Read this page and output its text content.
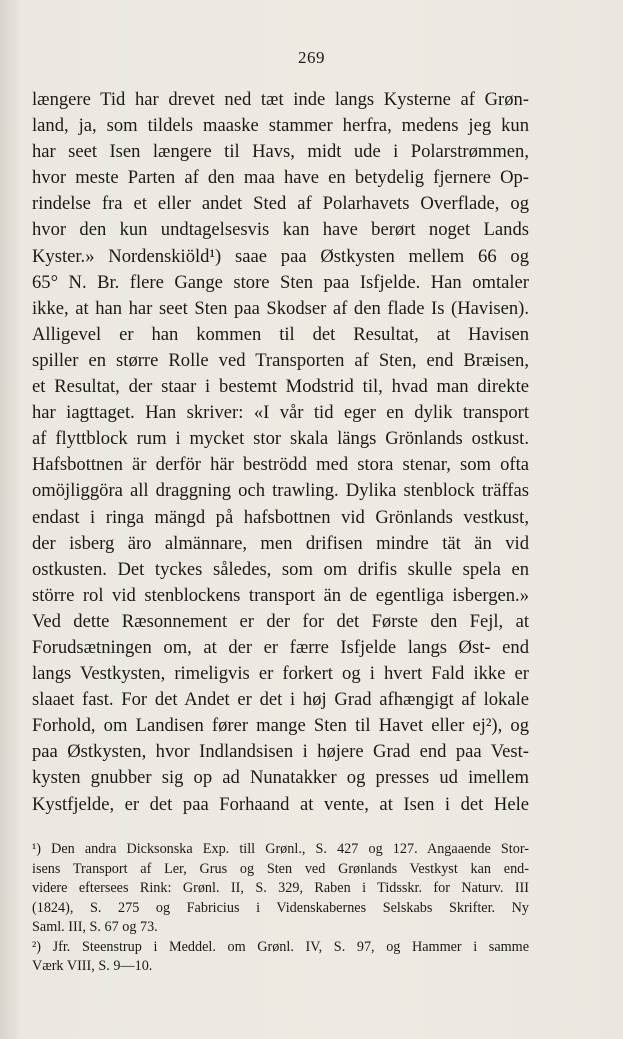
269
længere Tid har drevet ned tæt inde langs Kysterne af Grøn-
land, ja, som tildels maaske stammer herfra, medens jeg kun
har seet Isen længere til Havs, midt ude i Polarstrømmen,
hvor meste Parten af den maa have en betydelig fjernere Op-
rindelse fra et eller andet Sted af Polarhavets Overflade, og
hvor den kun undtagelsesvis kan have berørt noget Lands
Kyster.» Nordenskiöld¹) saae paa Østkysten mellem 66 og
65° N. Br. flere Gange store Sten paa Isfjelde. Han omtaler
ikke, at han har seet Sten paa Skodser af den flade Is (Havisen).
Alligevel er han kommen til det Resultat, at Havisen
spiller en større Rolle ved Transporten af Sten, end Bræisen,
et Resultat, der staar i bestemt Modstrid til, hvad man direkte
har iagttaget. Han skriver: «I vår tid eger en dylik transport
af flyttblock rum i mycket stor skala längs Grönlands ostkust.
Hafsbottnen är derför här beströdd med stora stenar, som ofta
omöjliggöra all draggning och trawling. Dylika stenblock träffas
endast i ringa mängd på hafsbottnen vid Grönlands vestkust,
der isberg äro almännare, men drifisen mindre tät än vid
ostkusten. Det tyckes således, som om drifis skulle spela en
större rol vid stenblockens transport än de egentliga isbergen.»
Ved dette Ræsonnement er der for det Første den Fejl, at
Forudsætningen om, at der er færre Isfjelde langs Øst- end
langs Vestkysten, rimeligvis er forkert og i hvert Fald ikke er
slaaet fast. For det Andet er det i høj Grad afhængigt af lokale
Forhold, om Landisen fører mange Sten til Havet eller ej²), og
paa Østkysten, hvor Indlandsisen i højere Grad end paa Vest-
kysten gnubber sig op ad Nunatakker og presses ud imellem
Kystfjelde, er det paa Forhaand at vente, at Isen i det Hele
¹) Den andra Dicksonska Exp. till Grønl., S. 427 og 127. Angaaende Stor-
isens Transport af Ler, Grus og Sten ved Grønlands Vestkyst kan end-
videre eftersees Rink: Grønl. II, S. 329, Raben i Tidsskr. for Naturv. III
(1824), S. 275 og Fabricius i Videnskabernes Selskabs Skrifter. Ny
Saml. III, S. 67 og 73.
²) Jfr. Steenstrup i Meddel. om Grønl. IV, S. 97, og Hammer i samme
Værk VIII, S. 9—10.
